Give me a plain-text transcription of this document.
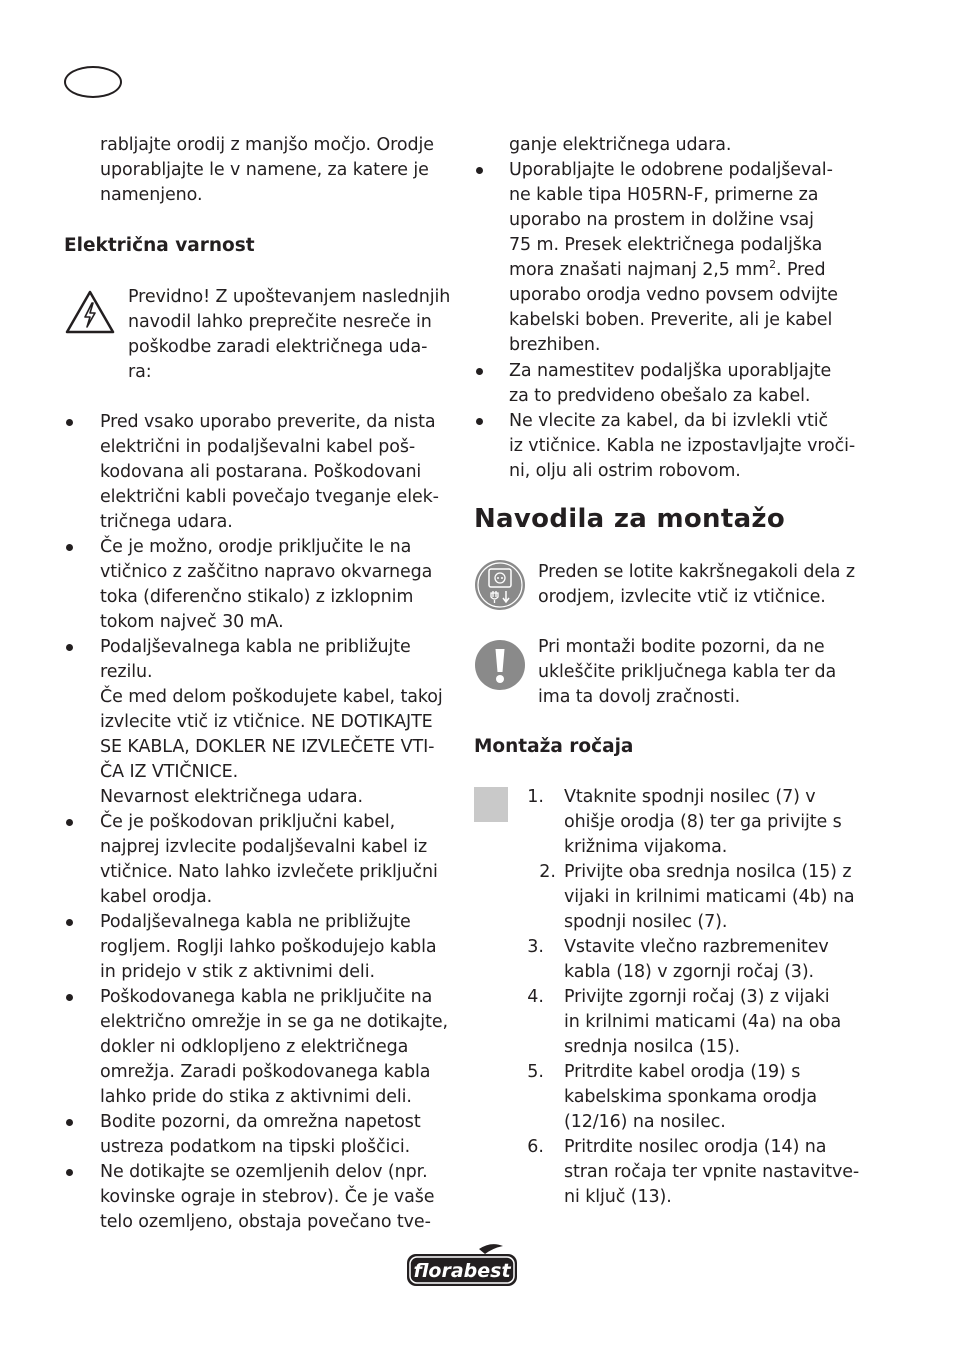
rabljajte orodij z manjšo močjo. Orodje

uporabljajte le v namene, za katere je

namenjeno.

Električna varnost

Previdno! Z upoštevanjem naslednjih

navodil lahko preprečite nesreče in

poškodbe zaradi električnega uda-

ra:

Pred vsako uporabo preverite, da nista

električni in podaljševalni kabel poš-

kodovana ali postarana. Poškodovani

električni kabli povečajo tveganje elek-

tričnega udara.

Če je možno, orodje priključite le na

vtičnico z zaščitno napravo okvarnega

toka (diferenčno stikalo) z izklopnim

tokom največ 30 mA.

Podaljševalnega kabla ne približujte

rezilu.

Če med delom poškodujete kabel, takoj

izvlecite vtič iz vtičnice. NE DOTIKAJTE

SE KABLA, DOKLER NE IZVLEČETE VTI-

ČA IZ VTIČNICE.

Nevarnost električnega udara.

Če je poškodovan priključni kabel,

najprej izvlecite podaljševalni kabel iz

vtičnice. Nato lahko izvlečete priključni

kabel orodja.

Podaljševalnega kabla ne približujte

rogljem. Roglji lahko poškodujejo kabla

in pridejo v stik z aktivnimi deli.

Poškodovanega kabla ne priključite na

električno omrežje in se ga ne dotikajte,

dokler ni odklopljeno z električnega

omrežja. Zaradi poškodovanega kabla

lahko pride do stika z aktivnimi deli.

Bodite pozorni, da omrežna napetost

ustreza podatkom na tipski ploščici.

Ne dotikajte se ozemljenih delov (npr.

kovinske ograje in stebrov). Če je vaše

telo ozemljeno, obstaja povečano tve-

ganje električnega udara.

Uporabljajte le odobrene podaljševal-

ne kable tipa H05RN-F, primerne za

uporabo na prostem in dolžine vsaj

75 m. Presek električnega podaljška

mora znašati najmanj 2,5 $mm^2$. Pred

uporabo orodja vedno povsem odvijte

kabelski boben. Preverite, ali je kabel

brezhiben.

Za namestitev podaljška uporabljajte

za to predvideno obešalo za kabel.

Ne vlecite za kabel, da bi izvlekli vtič

iz vtičnice. Kabla ne izpostavljajte vroči-

ni, olju ali ostrim robovom.

Navodila za montažo

Preden se lotite kakršnegakoli dela z

orodjem, izvlecite vtič iz vtičnice.

Pri montaži bodite pozorni, da ne

ukleščite priključnega kabla ter da

ima ta dovolj zračnosti.

Montaža ročaja
1. Vtaknite spodnji nosilec (7) v

ohišje orodja (8) ter ga privijte s

križnima vijakoma.

2. Privijte oba srednja nosilca (15) z

vijaki in krilnimi maticami (4b) na

spodnji nosilec (7).

3. Vstavite vlečno razbremenitev

kabla (18) v zgornji ročaj (3).

4. Privijte zgornji ročaj (3) z vijaki

in krilnimi maticami (4a) na oba

srednja nosilca (15).

5. Pritrdite kabel orodja (19) s

kabelskima sponkama orodja

(12/16) na nosilec.

6. Pritrdite nosilec orodja (14) na

stran ročaja ter vpnite nastavitve-

ni ključ (13).

florabest
